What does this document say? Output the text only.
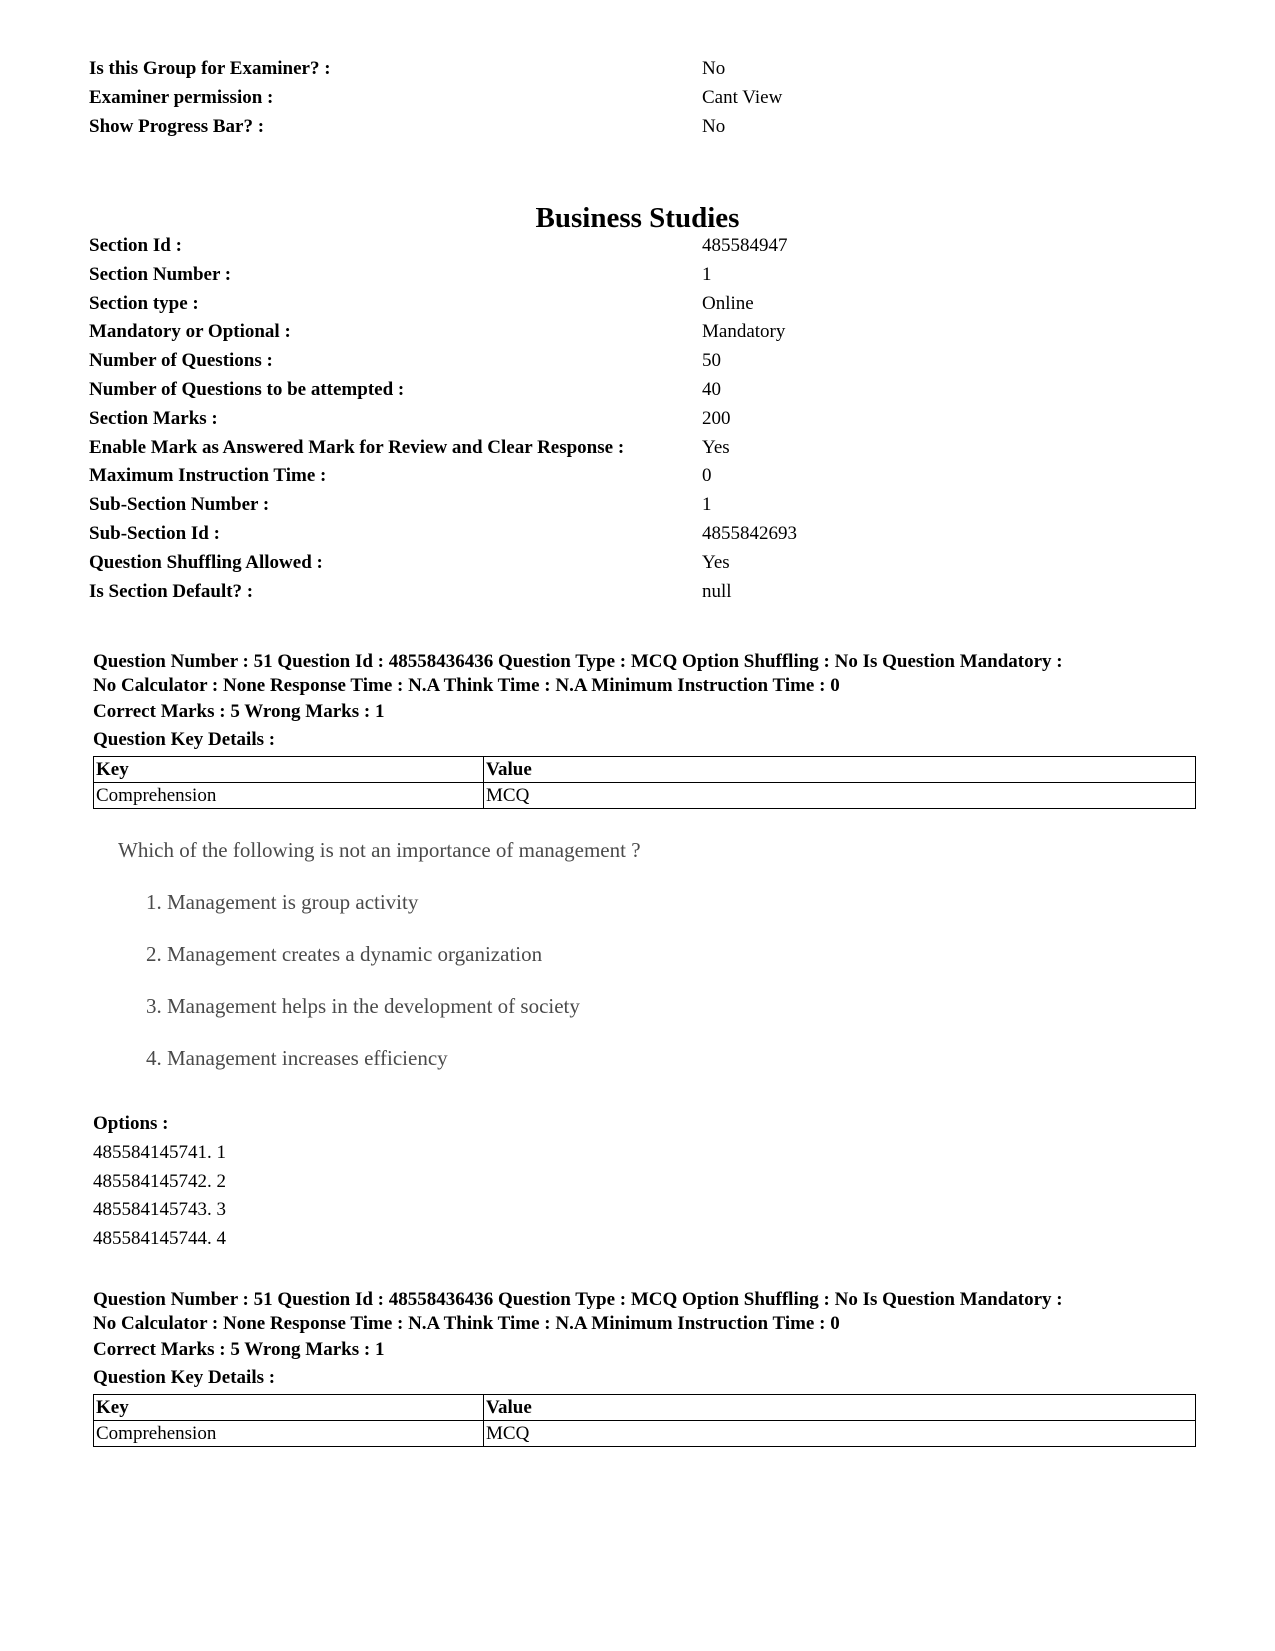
Is this Group for Examiner? :	No
Examiner permission :	Cant View
Show Progress Bar? :	No
Business Studies
Section Id :	485584947
Section Number :	1
Section type :	Online
Mandatory or Optional :	Mandatory
Number of Questions :	50
Number of Questions to be attempted :	40
Section Marks :	200
Enable Mark as Answered Mark for Review and Clear Response :	Yes
Maximum Instruction Time :	0
Sub-Section Number :	1
Sub-Section Id :	4855842693
Question Shuffling Allowed :	Yes
Is Section Default? :	null

Question Number : 51 Question Id : 48558436436 Question Type : MCQ Option Shuffling : No Is Question Mandatory :

No Calculator : None Response Time : N.A Think Time : N.A Minimum Instruction Time : 0

Correct Marks : 5 Wrong Marks : 1

Question Key Details :

Key	Value
Comprehension	MCQ

Which of the following is not an importance of management ?

1. Management is group activity

2. Management creates a dynamic organization

3. Management helps in the development of society

4. Management increases efficiency

Options :
485584145741. 1
485584145742. 2
485584145743. 3
485584145744. 4

Question Number : 51 Question Id : 48558436436 Question Type : MCQ Option Shuffling : No Is Question Mandatory :

No Calculator : None Response Time : N.A Think Time : N.A Minimum Instruction Time : 0

Correct Marks : 5 Wrong Marks : 1

Question Key Details :

Key	Value
Comprehension	MCQ
